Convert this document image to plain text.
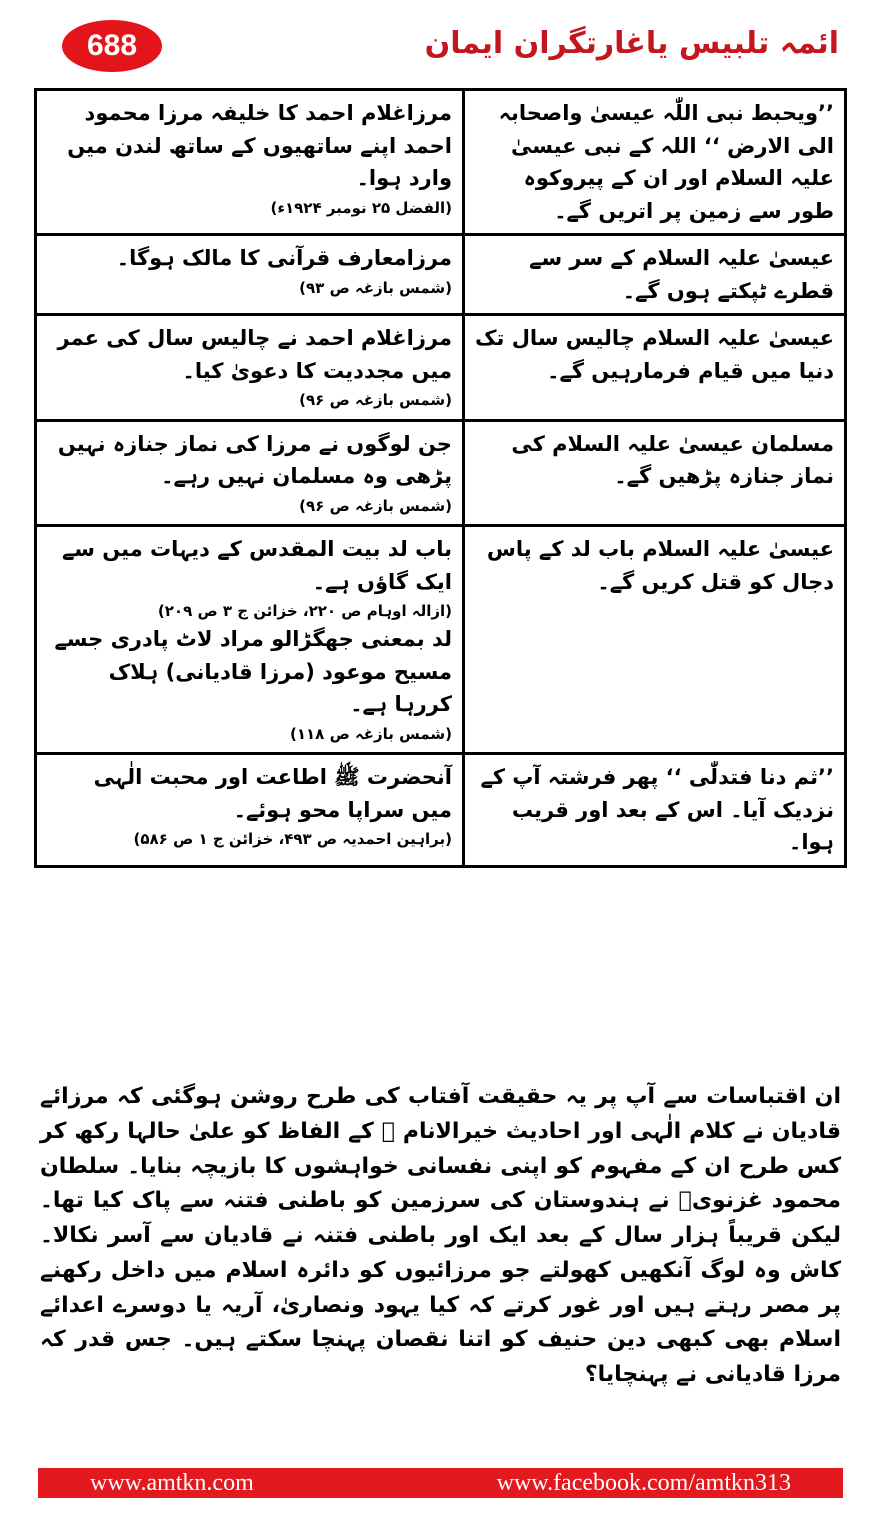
688	ائمہ تلبیس یاغارتگران ایمان
’’ویحبط نبی اللّٰہ عیسیٰ واصحابہ الی الارض ‘‘ اللہ کے نبی عیسیٰ علیہ السلام اور ان کے پیروکوہ طور سے زمین پر اتریں گے۔	مرزاغلام احمد کا خلیفہ مرزا محمود احمد اپنے ساتھیوں کے ساتھ لندن میں وارد ہوا۔
(الفضل ۲۵ نومبر ۱۹۲۴ء)

عیسیٰ علیہ السلام کے سر سے قطرے ٹپکتے ہوں گے۔	مرزامعارف قرآنی کا مالک ہوگا۔
(شمس بازغہ ص ۹۳)

عیسیٰ علیہ السلام چالیس سال تک دنیا میں قیام فرمارہیں گے۔	مرزاغلام احمد نے چالیس سال کی عمر میں مجددیت کا دعویٰ کیا۔
(شمس بازغہ ص ۹۶)

مسلمان عیسیٰ علیہ السلام کی نماز جنازہ پڑھیں گے۔	جن لوگوں نے مرزا کی نماز جنازہ نہیں پڑھی وہ مسلمان نہیں رہے۔
(شمس بازغہ ص ۹۶)

عیسیٰ علیہ السلام باب لد کے پاس دجال کو قتل کریں گے۔	باب لد بیت المقدس کے دیہات میں سے ایک گاؤں ہے۔
(ازالہ اوہام ص ۲۲۰، خزائن ج ۳ ص ۲۰۹)
لد بمعنی جھگڑالو مراد لاٹ پادری جسے مسیح موعود (مرزا قادیانی) ہلاک کررہا ہے۔
(شمس بازغہ ص ۱۱۸)

’’ثم دنا فتدلّٰی ‘‘ پھر فرشتہ آپ کے نزدیک آیا۔ اس کے بعد اور قریب ہوا۔	آنحضرت ﷺ اطاعت اور محبت الٰہی میں سراپا محو ہوئے۔
(براہین احمدیہ ص ۴۹۳، خزائن ج ۱ ص ۵۸۶)
ان اقتباسات سے آپ پر یہ حقیقت آفتاب کی طرح روشن ہوگئی کہ مرزائے قادیان نے کلام الٰہی اور احادیث خیرالانام ﷺ کے الفاظ کو علیٰ حالہا رکھ کر کس طرح ان کے مفہوم کو اپنی نفسانی خواہشوں کا بازیچہ بنایا۔ سلطان محمود غزنویؒ نے ہندوستان کی سرزمین کو باطنی فتنہ سے پاک کیا تھا۔ لیکن قریباً ہزار سال کے بعد ایک اور باطنی فتنہ نے قادیان سے آسر نکالا۔ کاش وہ لوگ آنکھیں کھولتے جو مرزائیوں کو دائرہ اسلام میں داخل رکھنے پر مصر رہتے ہیں اور غور کرتے کہ کیا یہود ونصاریٰ، آریہ یا دوسرے اعدائے اسلام بھی کبھی دین حنیف کو اتنا نقصان پہنچا سکتے ہیں۔ جس قدر کہ مرزا قادیانی نے پہنچایا؟
www.amtkn.com	www.facebook.com/amtkn313
